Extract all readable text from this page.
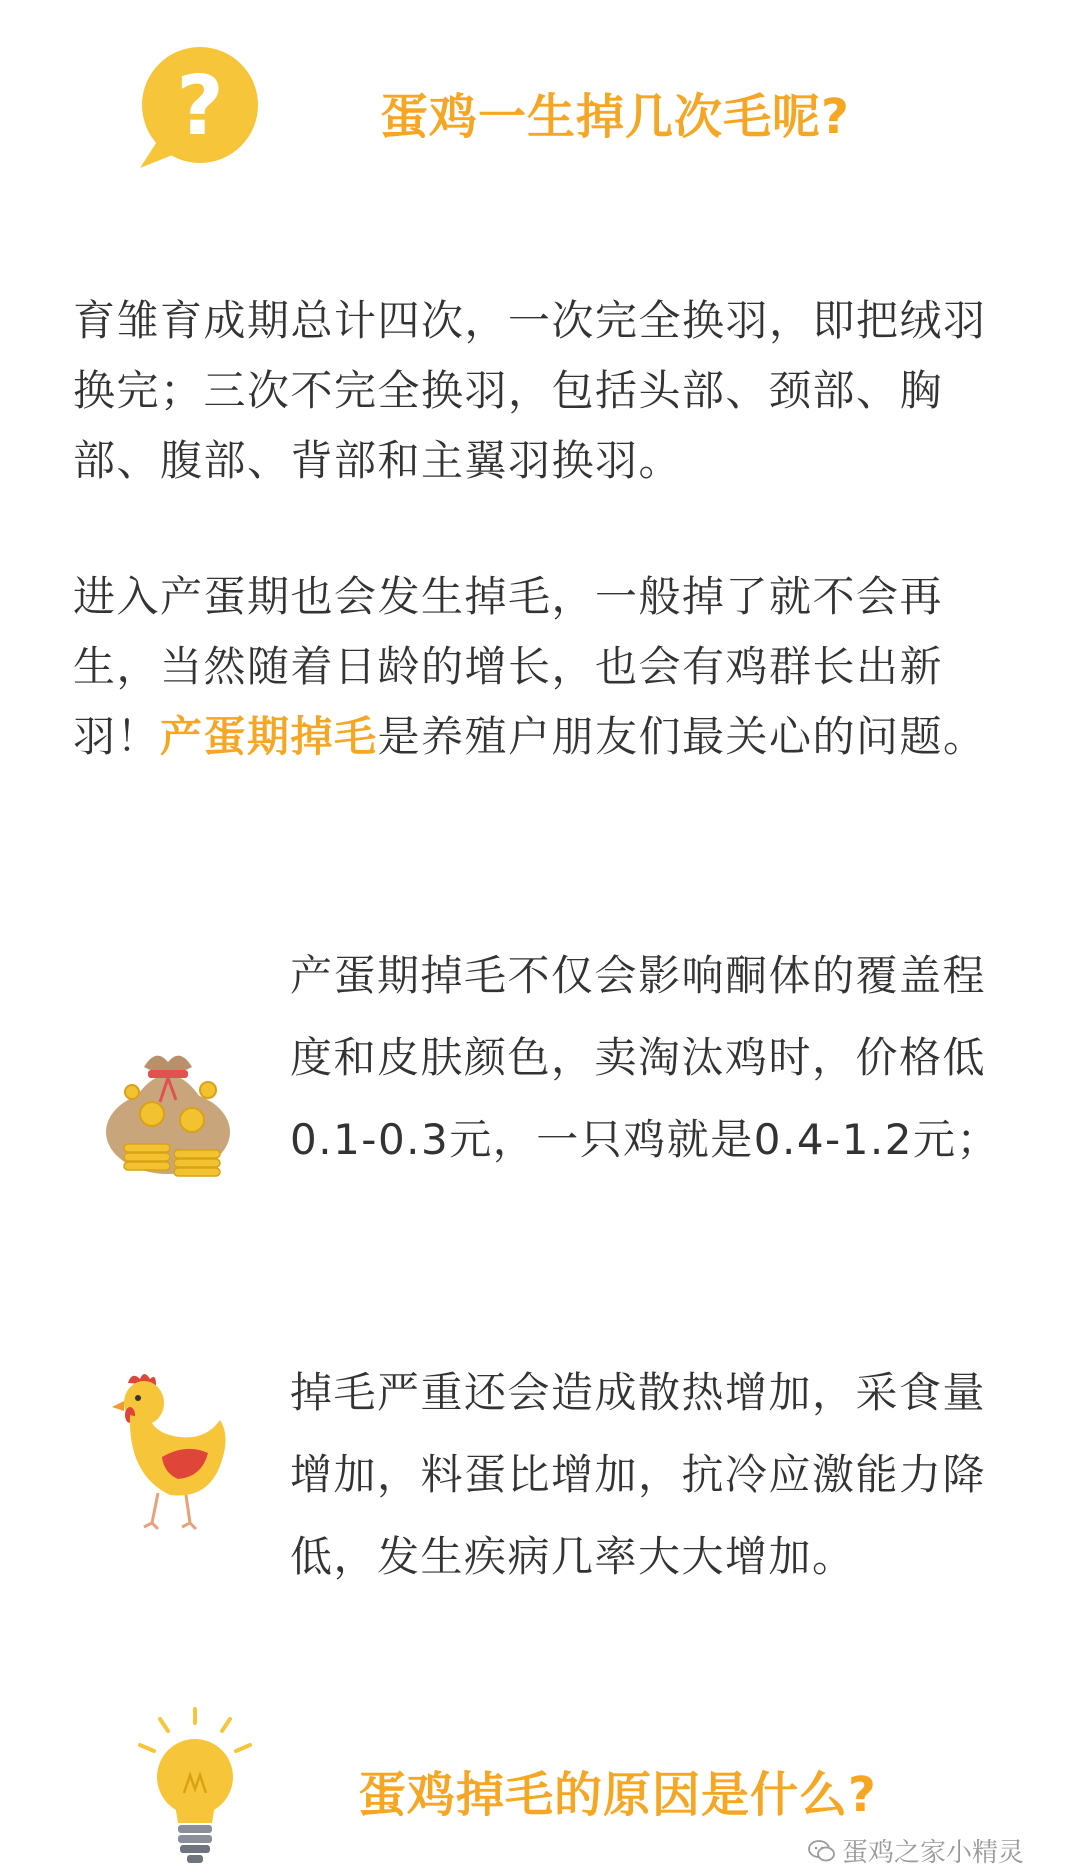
?	蛋鸡一生掉几次毛呢?

育雏育成期总计四次，一次完全换羽，即把绒羽换完；三次不完全换羽，包括头部、颈部、胸部、腹部、背部和主翼羽换羽。

进入产蛋期也会发生掉毛，一般掉了就不会再生，当然随着日龄的增长，也会有鸡群长出新羽！产蛋期掉毛是养殖户朋友们最关心的问题。

产蛋期掉毛不仅会影响酮体的覆盖程度和皮肤颜色，卖淘汰鸡时，价格低0.1-0.3元，一只鸡就是0.4-1.2元；

掉毛严重还会造成散热增加，采食量增加，料蛋比增加，抗冷应激能力降低，发生疾病几率大大增加。

蛋鸡掉毛的原因是什么?
蛋鸡之家小精灵
